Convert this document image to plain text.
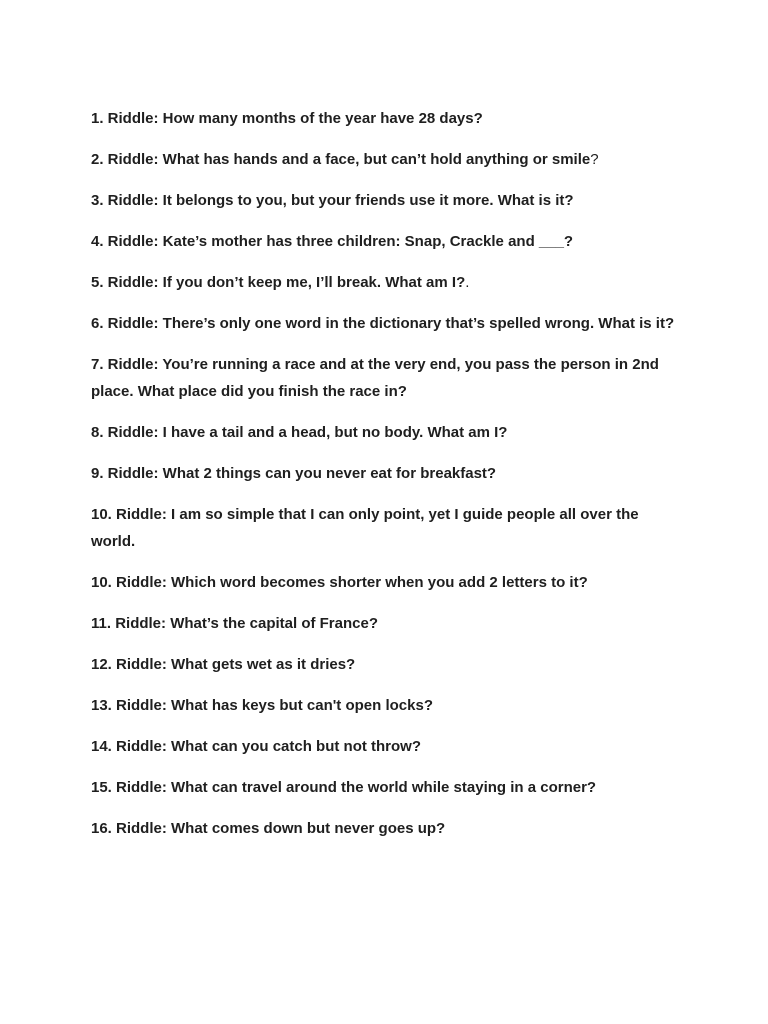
1. Riddle: How many months of the year have 28 days?

2. Riddle: What has hands and a face, but can’t hold anything or smile?

3. Riddle: It belongs to you, but your friends use it more. What is it?

4. Riddle: Kate’s mother has three children: Snap, Crackle and ___?

5. Riddle: If you don’t keep me, I’ll break. What am I?.

6. Riddle: There’s only one word in the dictionary that’s spelled wrong. What is it?

7. Riddle: You’re running a race and at the very end, you pass the person in 2nd place. What place did you finish the race in?

8. Riddle: I have a tail and a head, but no body. What am I?

9. Riddle: What 2 things can you never eat for breakfast?

10. Riddle: I am so simple that I can only point, yet I guide people all over the world.

10. Riddle: Which word becomes shorter when you add 2 letters to it?

11. Riddle: What’s the capital of France?

12. Riddle: What gets wet as it dries?

13. Riddle: What has keys but can't open locks?

14. Riddle: What can you catch but not throw?

15. Riddle: What can travel around the world while staying in a corner?

16. Riddle: What comes down but never goes up?
